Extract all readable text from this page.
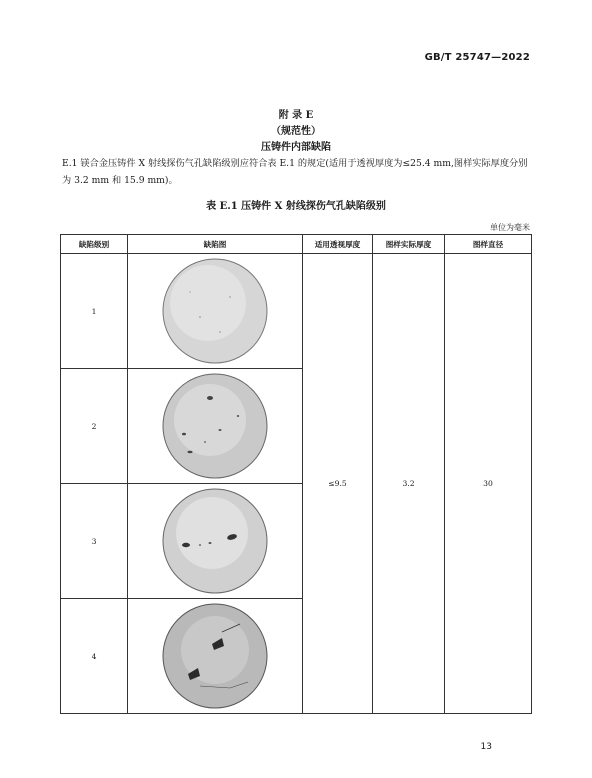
GB/T 25747—2022
附 录 E
（规范性）
压铸件内部缺陷
E.1 镁合金压铸件 X 射线探伤气孔缺陷级别应符合表 E.1 的规定(适用于透视厚度为≤25.4 mm,图样实际厚度分别为 3.2 mm 和 15.9 mm)。
表 E.1 压铸件 X 射线探伤气孔缺陷级别
单位为毫米
缺陷级别	缺陷图	适用透视厚度	图样实际厚度	图样直径
1		≤9.5	3.2	30
2	

3	

4	
13
